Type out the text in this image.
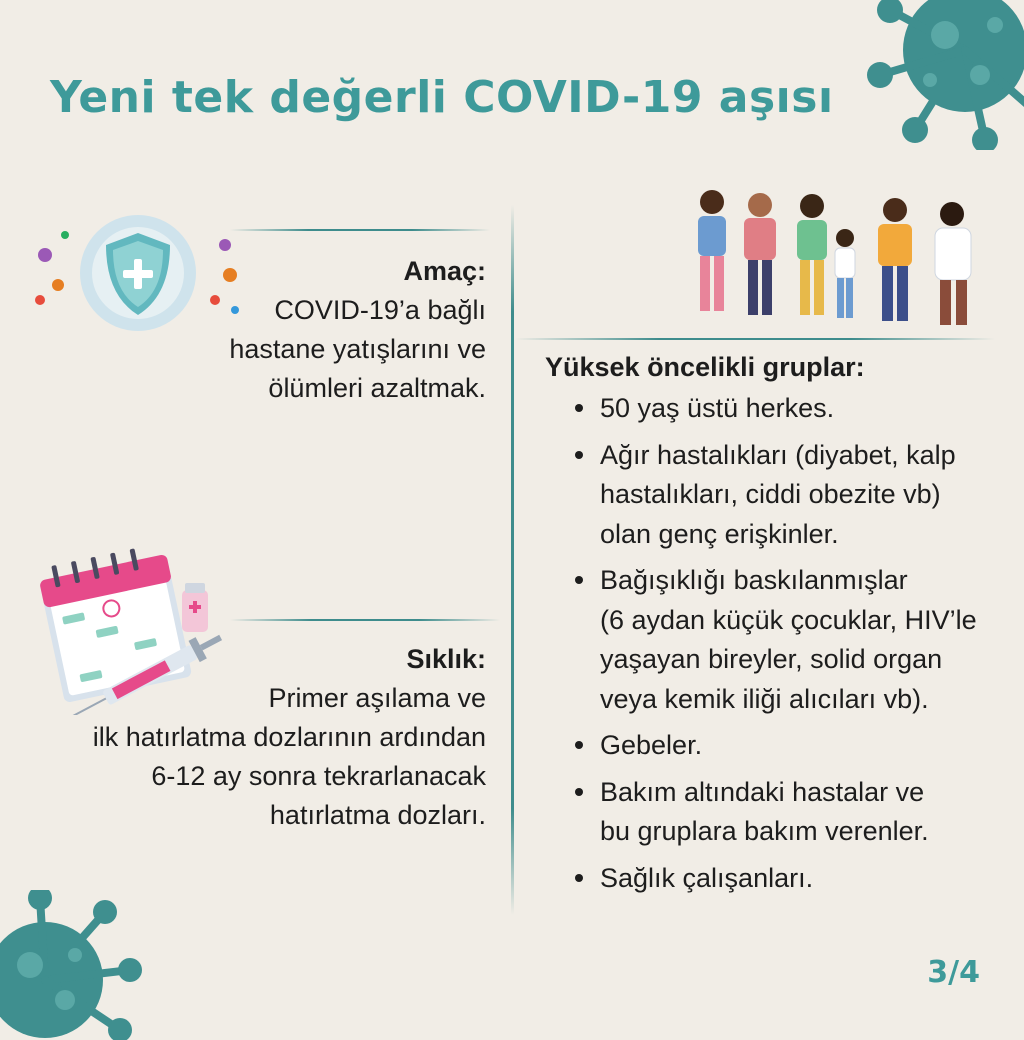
Yeni tek değerli COVID-19 aşısı
Amaç:
COVID-19’a bağlı
hastane yatışlarını ve
ölümleri azaltmak.
Sıklık:
Primer aşılama ve
ilk hatırlatma dozlarının ardından
6-12 ay sonra tekrarlanacak
hatırlatma dozları.
Yüksek öncelikli gruplar:
50 yaş üstü herkes.
Ağır hastalıkları (diyabet, kalp
hastalıkları, ciddi obezite vb)
olan genç erişkinler.
Bağışıklığı baskılanmışlar
(6 aydan küçük çocuklar, HIV’le
yaşayan bireyler, solid organ
veya kemik iliği alıcıları vb).
Gebeler.
Bakım altındaki hastalar ve
bu gruplara bakım verenler.
Sağlık çalışanları.
3/4
